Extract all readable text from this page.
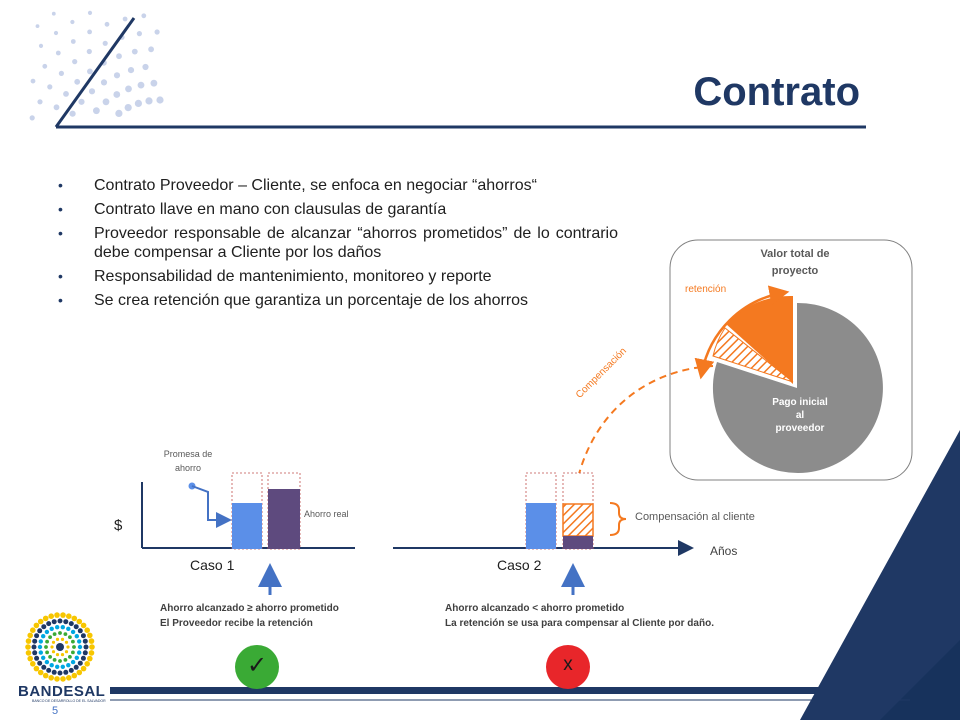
Contrato
• Contrato Proveedor – Cliente, se enfoca en negociar “ahorros“
• Contrato llave en mano con clausulas de garantía
• Proveedor responsable de alcanzar “ahorros prometidos” de lo contrario debe compensar a Cliente por los daños
• Responsabilidad de mantenimiento, monitoreo y reporte
• Se crea retención que garantiza un porcentaje de los ahorros
Valor total de
proyecto
retención
Pago inicial
al
proveedor
Compensación
Promesa de
ahorro
Ahorro real	Compensación al cliente
$
Años
Caso 1	Caso 2
Ahorro alcanzado ≥ ahorro prometido
El Proveedor recibe la retención
Ahorro alcanzado < ahorro prometido
La retención se usa para compensar al Cliente por daño.
✓	x
BANDESAL
BANCO DE DESARROLLO DE EL SALVADOR
5
